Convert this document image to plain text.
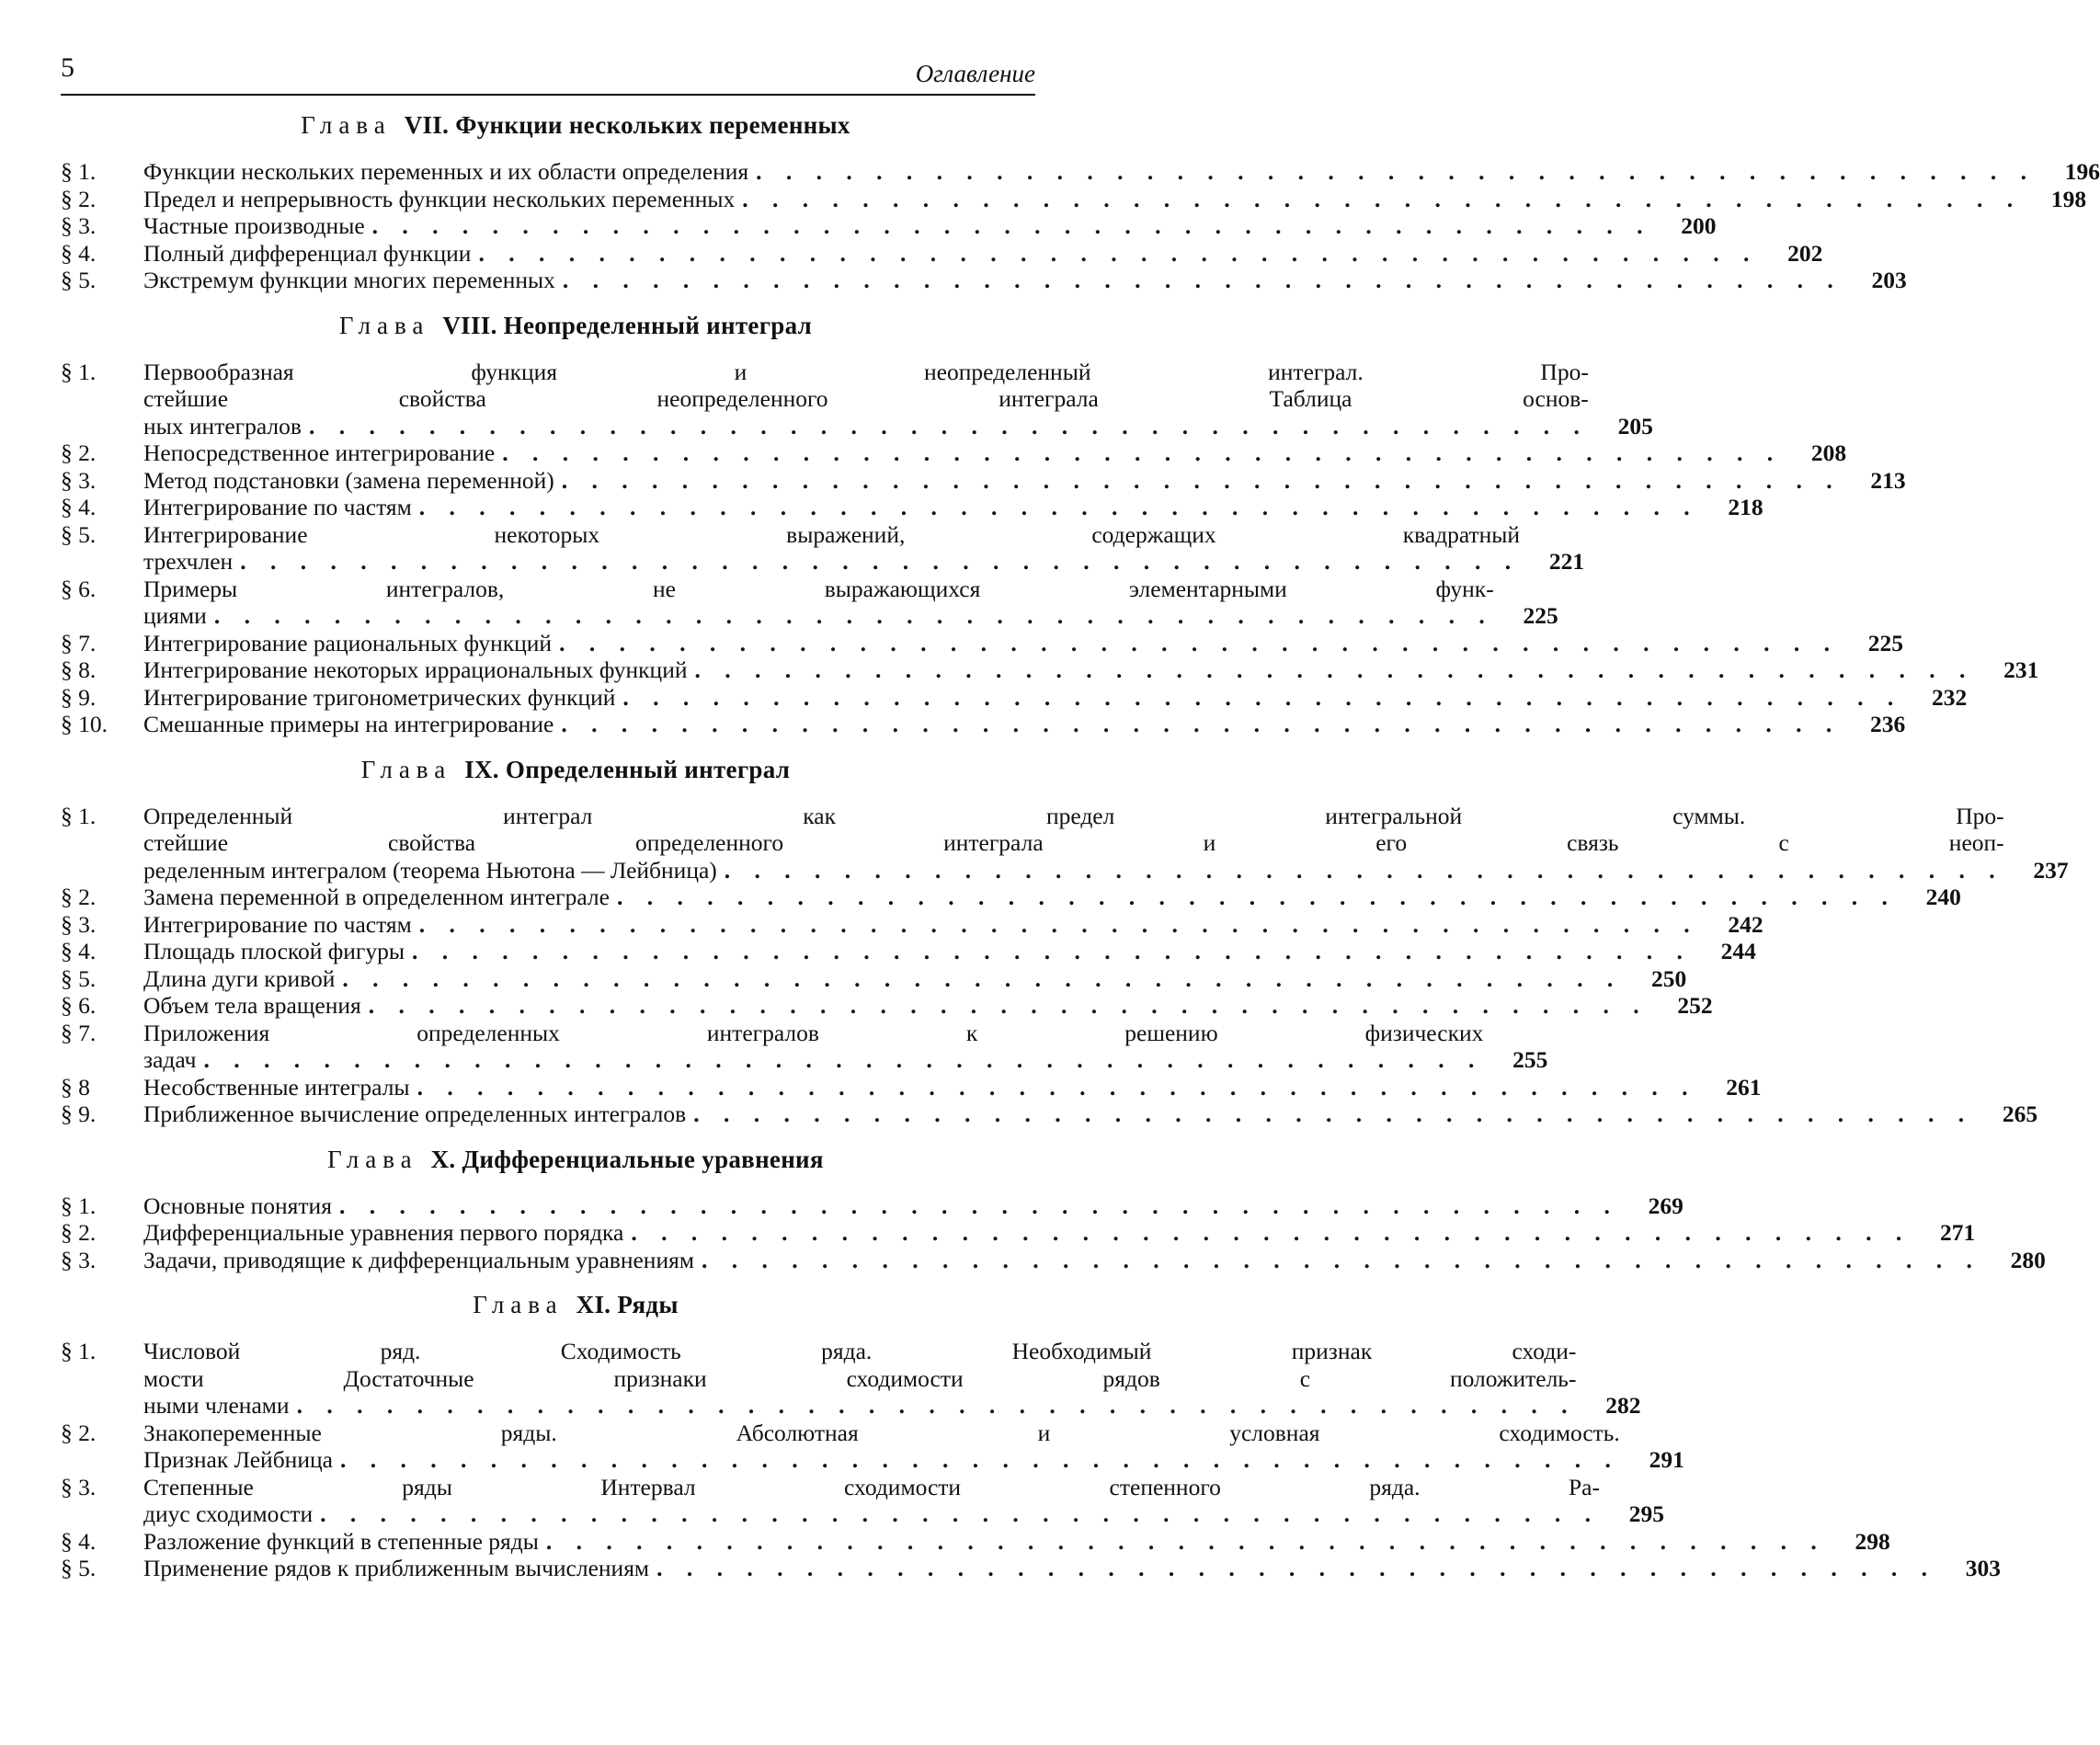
5	Оглавление
Глава VII. Функции нескольких переменных
§ 1.	Функции нескольких переменных и их области определения . . . . . . . . . . . . . . . . . . . . . . . . . . . . . . . . . . . . . . . . . . .	196
§ 2.	Предел и непрерывность функции нескольких переменных . . . . . . . . . . . . . . . . . . . . . . . . . . . . . . . . . . . . . . . . . . .	198
§ 3.	Частные производные . . . . . . . . . . . . . . . . . . . . . . . . . . . . . . . . . . . . . . . . . . .	200
§ 4.	Полный дифференциал функции . . . . . . . . . . . . . . . . . . . . . . . . . . . . . . . . . . . . . . . . . . .	202
§ 5.	Экстремум функции многих переменных . . . . . . . . . . . . . . . . . . . . . . . . . . . . . . . . . . . . . . . . . . .	203
Глава VIII. Неопределенный интеграл
§ 1.	Первообразная функция и неопределенный интеграл. Про-
стейшие свойства неопределенного интеграла Таблица основ-
ных интегралов . . . . . . . . . . . . . . . . . . . . . . . . . . . . . . . . . . . . . . . . . . .	205
§ 2.	Непосредственное интегрирование . . . . . . . . . . . . . . . . . . . . . . . . . . . . . . . . . . . . . . . . . . .	208
§ 3.	Метод подстановки (замена переменной) . . . . . . . . . . . . . . . . . . . . . . . . . . . . . . . . . . . . . . . . . . .	213
§ 4.	Интегрирование по частям . . . . . . . . . . . . . . . . . . . . . . . . . . . . . . . . . . . . . . . . . . .	218
§ 5.	Интегрирование некоторых выражений, содержащих квадратный
трехчлен . . . . . . . . . . . . . . . . . . . . . . . . . . . . . . . . . . . . . . . . . . .	221
§ 6.	Примеры интегралов, не выражающихся элементарными функ-
циями . . . . . . . . . . . . . . . . . . . . . . . . . . . . . . . . . . . . . . . . . . .	225
§ 7.	Интегрирование рациональных функций . . . . . . . . . . . . . . . . . . . . . . . . . . . . . . . . . . . . . . . . . . .	225
§ 8.	Интегрирование некоторых иррациональных функций . . . . . . . . . . . . . . . . . . . . . . . . . . . . . . . . . . . . . . . . . . .	231
§ 9.	Интегрирование тригонометрических функций . . . . . . . . . . . . . . . . . . . . . . . . . . . . . . . . . . . . . . . . . . .	232
§ 10.	Смешанные примеры на интегрирование . . . . . . . . . . . . . . . . . . . . . . . . . . . . . . . . . . . . . . . . . . .	236
Глава IX. Определенный интеграл
§ 1.	Определенный интеграл как предел интегральной суммы. Про-
стейшие свойства определенного интеграла и его связь с неоп-
ределенным интегралом (теорема Ньютона — Лейбница) . . . . . . . . . . . . . . . . . . . . . . . . . . . . . . . . . . . . . . . . . . .	237
§ 2.	Замена переменной в определенном интеграле . . . . . . . . . . . . . . . . . . . . . . . . . . . . . . . . . . . . . . . . . . .	240
§ 3.	Интегрирование по частям . . . . . . . . . . . . . . . . . . . . . . . . . . . . . . . . . . . . . . . . . . .	242
§ 4.	Площадь плоской фигуры . . . . . . . . . . . . . . . . . . . . . . . . . . . . . . . . . . . . . . . . . . .	244
§ 5.	Длина дуги кривой . . . . . . . . . . . . . . . . . . . . . . . . . . . . . . . . . . . . . . . . . . .	250
§ 6.	Объем тела вращения . . . . . . . . . . . . . . . . . . . . . . . . . . . . . . . . . . . . . . . . . . .	252
§ 7.	Приложения определенных интегралов к решению физических
задач . . . . . . . . . . . . . . . . . . . . . . . . . . . . . . . . . . . . . . . . . . .	255
§ 8	Несобственные интегралы . . . . . . . . . . . . . . . . . . . . . . . . . . . . . . . . . . . . . . . . . . .	261
§ 9.	Приближенное вычисление определенных интегралов . . . . . . . . . . . . . . . . . . . . . . . . . . . . . . . . . . . . . . . . . . .	265
Глава X. Дифференциальные уравнения
§ 1.	Основные понятия . . . . . . . . . . . . . . . . . . . . . . . . . . . . . . . . . . . . . . . . . . .	269
§ 2.	Дифференциальные уравнения первого порядка . . . . . . . . . . . . . . . . . . . . . . . . . . . . . . . . . . . . . . . . . . .	271
§ 3.	Задачи, приводящие к дифференциальным уравнениям . . . . . . . . . . . . . . . . . . . . . . . . . . . . . . . . . . . . . . . . . . .	280
Глава XI. Ряды
§ 1.	Числовой ряд. Сходимость ряда. Необходимый признак сходи-
мости Достаточные признаки сходимости рядов с положитель-
ными членами . . . . . . . . . . . . . . . . . . . . . . . . . . . . . . . . . . . . . . . . . . .	282
§ 2.	Знакопеременные ряды. Абсолютная и условная сходимость.
Признак Лейбница . . . . . . . . . . . . . . . . . . . . . . . . . . . . . . . . . . . . . . . . . . .	291
§ 3.	Степенные ряды Интервал сходимости степенного ряда. Ра-
диус сходимости . . . . . . . . . . . . . . . . . . . . . . . . . . . . . . . . . . . . . . . . . . .	295
§ 4.	Разложение функций в степенные ряды . . . . . . . . . . . . . . . . . . . . . . . . . . . . . . . . . . . . . . . . . . .	298
§ 5.	Применение рядов к приближенным вычислениям . . . . . . . . . . . . . . . . . . . . . . . . . . . . . . . . . . . . . . . . . . .	303
